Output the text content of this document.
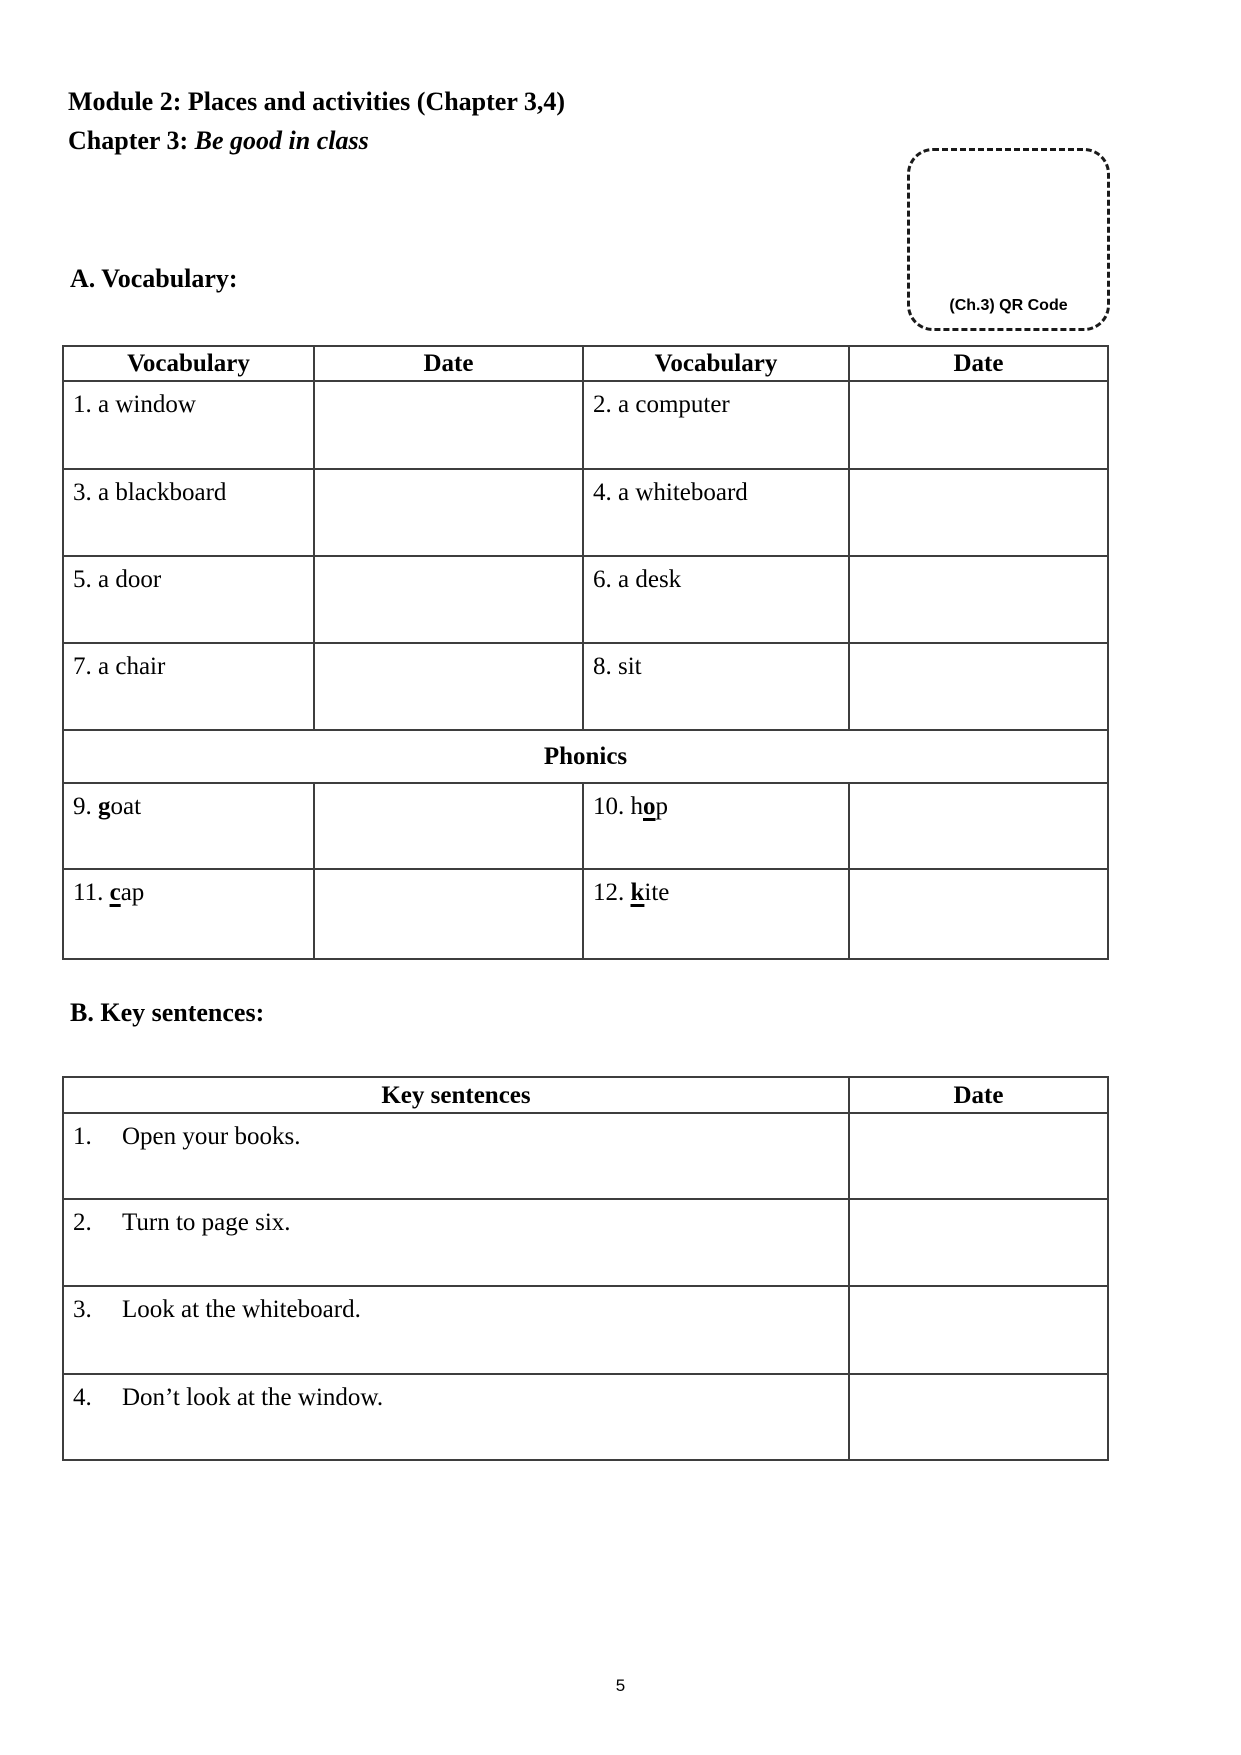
Module 2: Places and activities (Chapter 3,4)
Chapter 3: Be good in class
(Ch.3) QR Code
A. Vocabulary:
Vocabulary	Date	Vocabulary	Date
1. a window		2. a computer	
3. a blackboard		4. a whiteboard	
5. a door		6. a desk	
7. a chair		8. sit	
Phonics			
9. goat		10. hop	
11. cap		12. kite	
B. Key sentences:
Key sentences	Date
1. Open your books.	
2. Turn to page six.	
3. Look at the whiteboard.	
4. Don’t look at the window.	
5
